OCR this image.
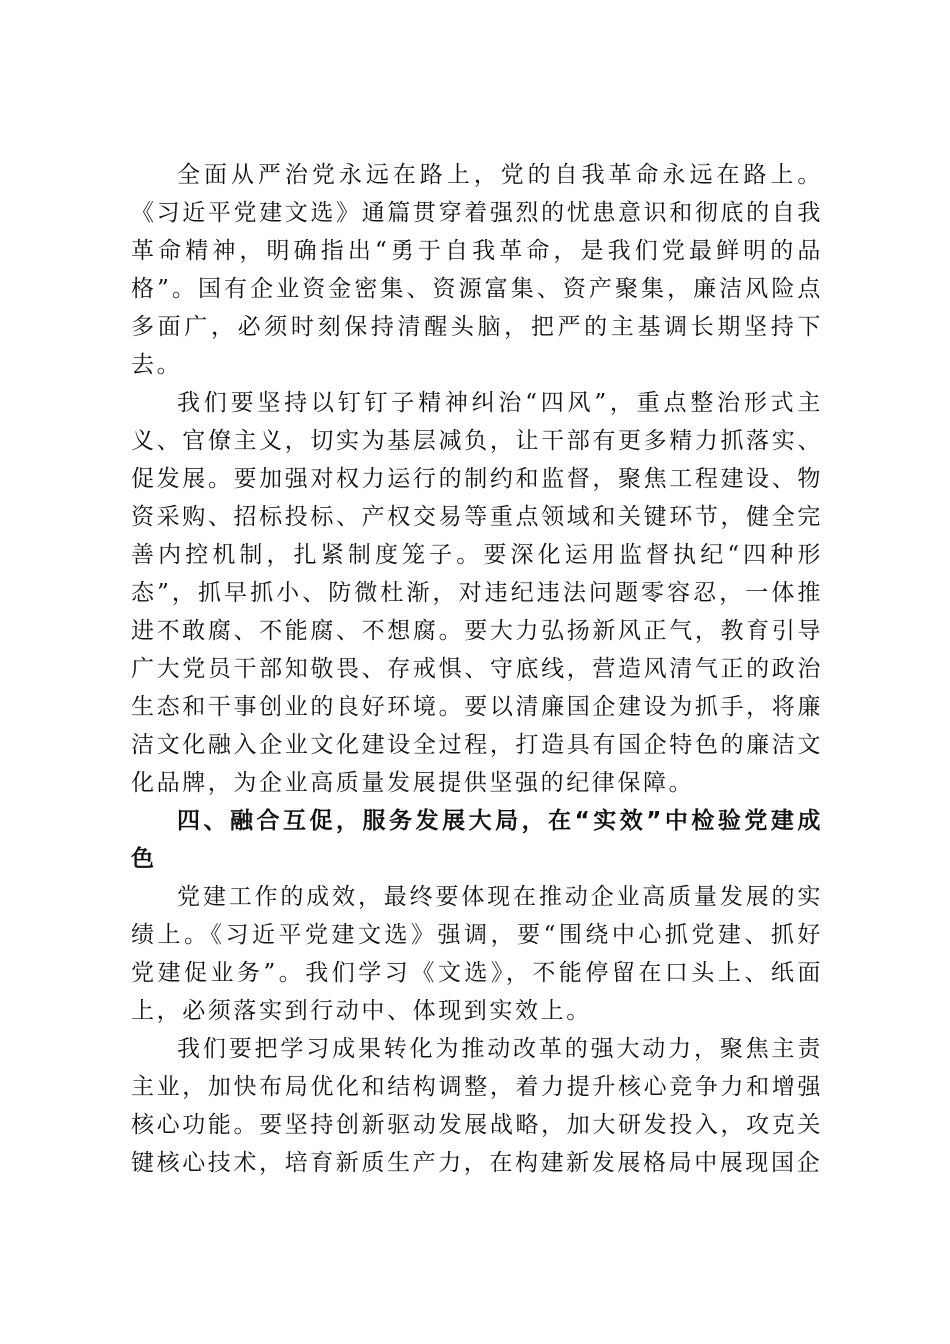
全面从严治党永远在路上，党的自我革命永远在路上。《习近平党建文选》通篇贯穿着强烈的忧患意识和彻底的自我革命精神，明确指出“勇于自我革命，是我们党最鲜明的品格”。国有企业资金密集、资源富集、资产聚集，廉洁风险点多面广，必须时刻保持清醒头脑，把严的主基调长期坚持下去。

我们要坚持以钉钉子精神纠治“四风”，重点整治形式主义、官僚主义，切实为基层减负，让干部有更多精力抓落实、促发展。要加强对权力运行的制约和监督，聚焦工程建设、物资采购、招标投标、产权交易等重点领域和关键环节，健全完善内控机制，扎紧制度笼子。要深化运用监督执纪“四种形态”，抓早抓小、防微杜渐，对违纪违法问题零容忍，一体推进不敢腐、不能腐、不想腐。要大力弘扬新风正气，教育引导广大党员干部知敬畏、存戒惧、守底线，营造风清气正的政治生态和干事创业的良好环境。要以清廉国企建设为抓手，将廉洁文化融入企业文化建设全过程，打造具有国企特色的廉洁文化品牌，为企业高质量发展提供坚强的纪律保障。

四、融合互促，服务发展大局，在“实效”中检验党建成色

党建工作的成效，最终要体现在推动企业高质量发展的实绩上。《习近平党建文选》强调，要“围绕中心抓党建、抓好党建促业务”。我们学习《文选》，不能停留在口头上、纸面上，必须落实到行动中、体现到实效上。

我们要把学习成果转化为推动改革的强大动力，聚焦主责主业，加快布局优化和结构调整，着力提升核心竞争力和增强核心功能。要坚持创新驱动发展战略，加大研发投入，攻克关键核心技术，培育新质生产力，在构建新发展格局中展现国企
